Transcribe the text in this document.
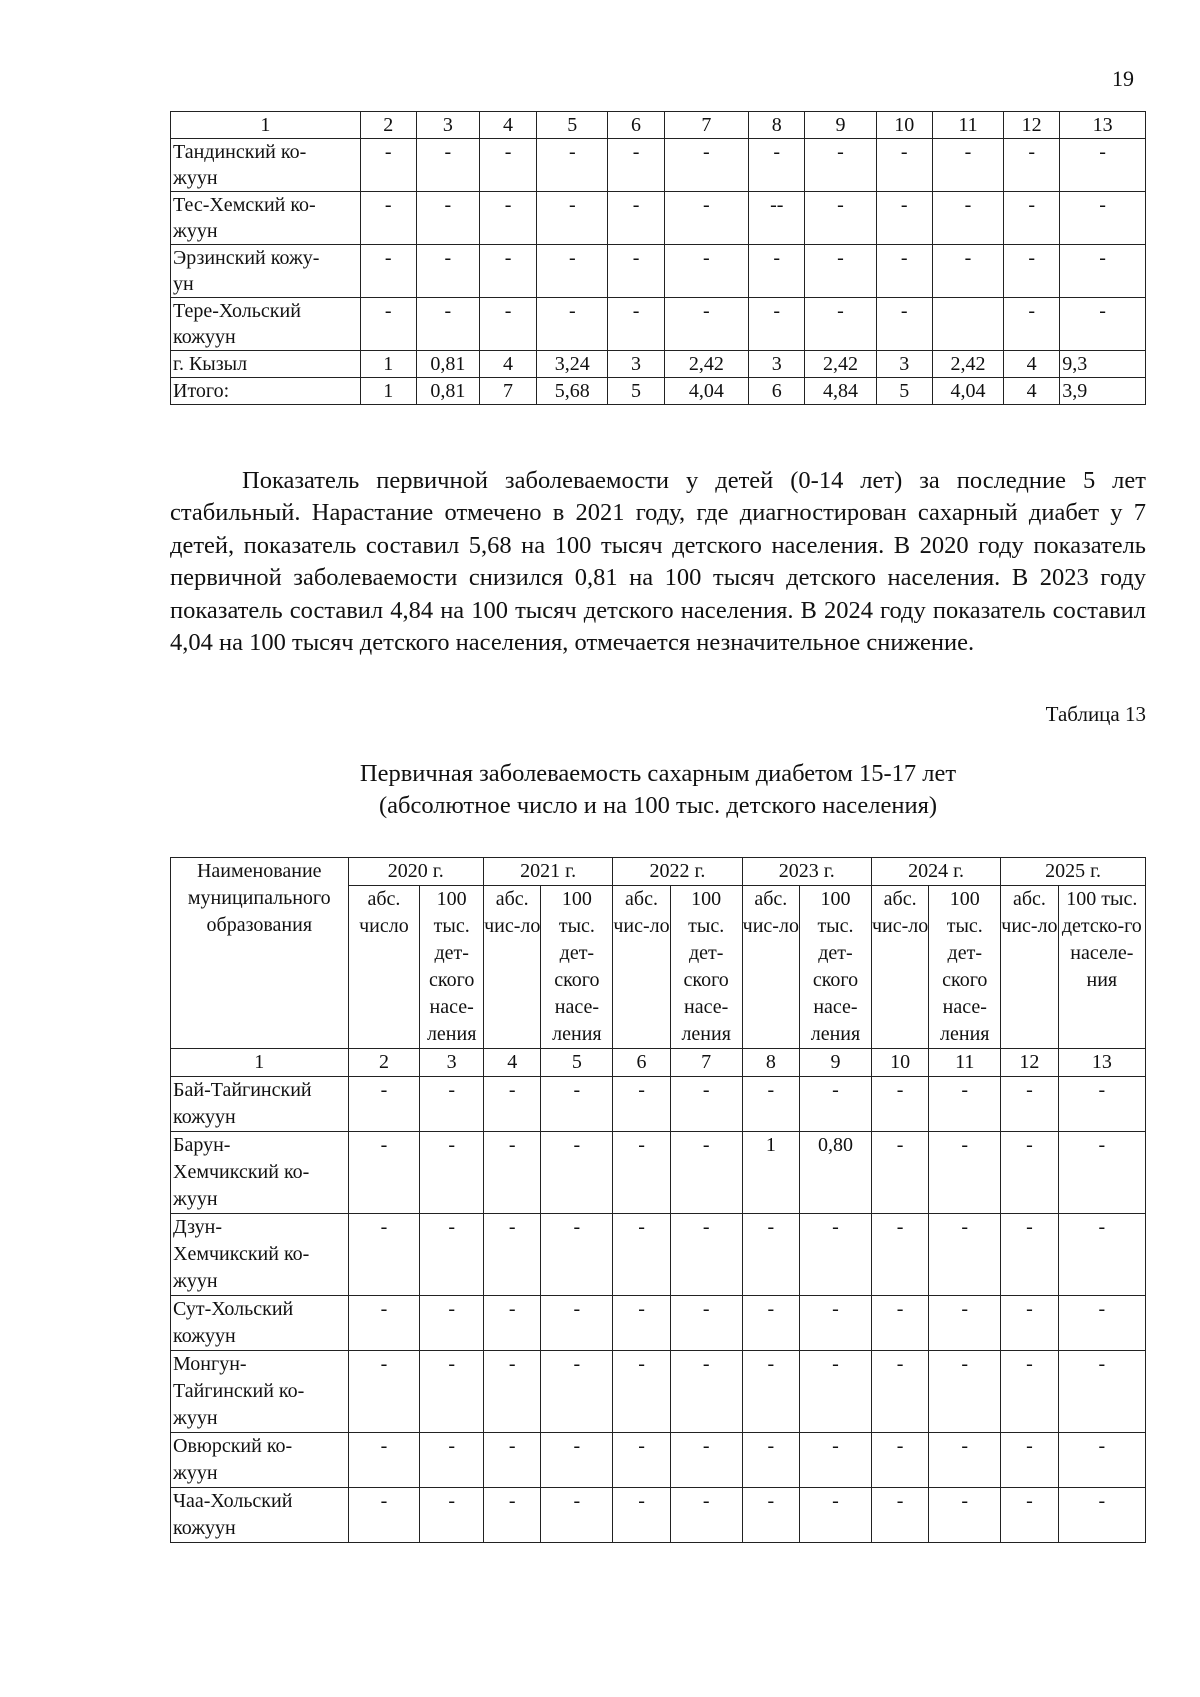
19
1	2	3	4	5	6	7	8	9	10	11	12	13
Тандинский ко-
жуун	-	-	-	-	-	-	-	-	-	-	-	-
Тес-Хемский ко-
жуун	-	-	-	-	-	-	--	-	-	-	-	-
Эрзинский кожу-
ун	-	-	-	-	-	-	-	-	-	-	-	-
Тере-Хольский
кожуун	-	-	-	-	-	-	-	-	-		-	-
г. Кызыл	1	0,81	4	3,24	3	2,42	3	2,42	3	2,42	4	9,3
Итого:	1	0,81	7	5,68	5	4,04	6	4,84	5	4,04	4	3,9

Показатель первичной заболеваемости у детей (0-14 лет) за последние 5 лет стабильный. Нарастание отмечено в 2021 году, где диагностирован сахарный диабет у 7 детей, показатель составил 5,68 на 100 тысяч детского населения. В 2020 году показатель первичной заболеваемости снизился 0,81 на 100 тысяч детского населения. В 2023 году показатель составил 4,84 на 100 тысяч детского населения. В 2024 году показатель составил 4,04 на 100 тысяч детского населения, отмечается незначительное снижение.

Таблица 13
Первичная заболеваемость сахарным диабетом 15-17 лет
(абсолютное число и на 100 тыс. детского населения)
Наименование муниципального образования	2020 г.		2021 г.		2022 г.		2023 г.		2024 г.		2025 г.	
	абс. число	100 тыс. дет-ского насе-ления	абс. чис-ло	100 тыс. дет-ского насе-ления	абс. чис-ло	100 тыс. дет-ского насе-ления	абс. чис-ло	100 тыс. дет-ского насе-ления	абс. чис-ло	100 тыс. дет-ского насе-ления	абс. чис-ло	100 тыс. детско-го населе-ния
1	2	3	4	5	6	7	8	9	10	11	12	13
Бай-Тайгинский
кожуун	-	-	-	-	-	-	-	-	-	-	-	-
Барун-
Хемчикский ко-
жуун	-	-	-	-	-	-	1	0,80	-	-	-	-
Дзун-
Хемчикский ко-
жуун	-	-	-	-	-	-	-	-	-	-	-	-
Сут-Хольский
кожуун	-	-	-	-	-	-	-	-	-	-	-	-
Монгун-
Тайгинский ко-
жуун	-	-	-	-	-	-	-	-	-	-	-	-
Овюрский ко-
жуун	-	-	-	-	-	-	-	-	-	-	-	-
Чаа-Хольский
кожуун	-	-	-	-	-	-	-	-	-	-	-	-
